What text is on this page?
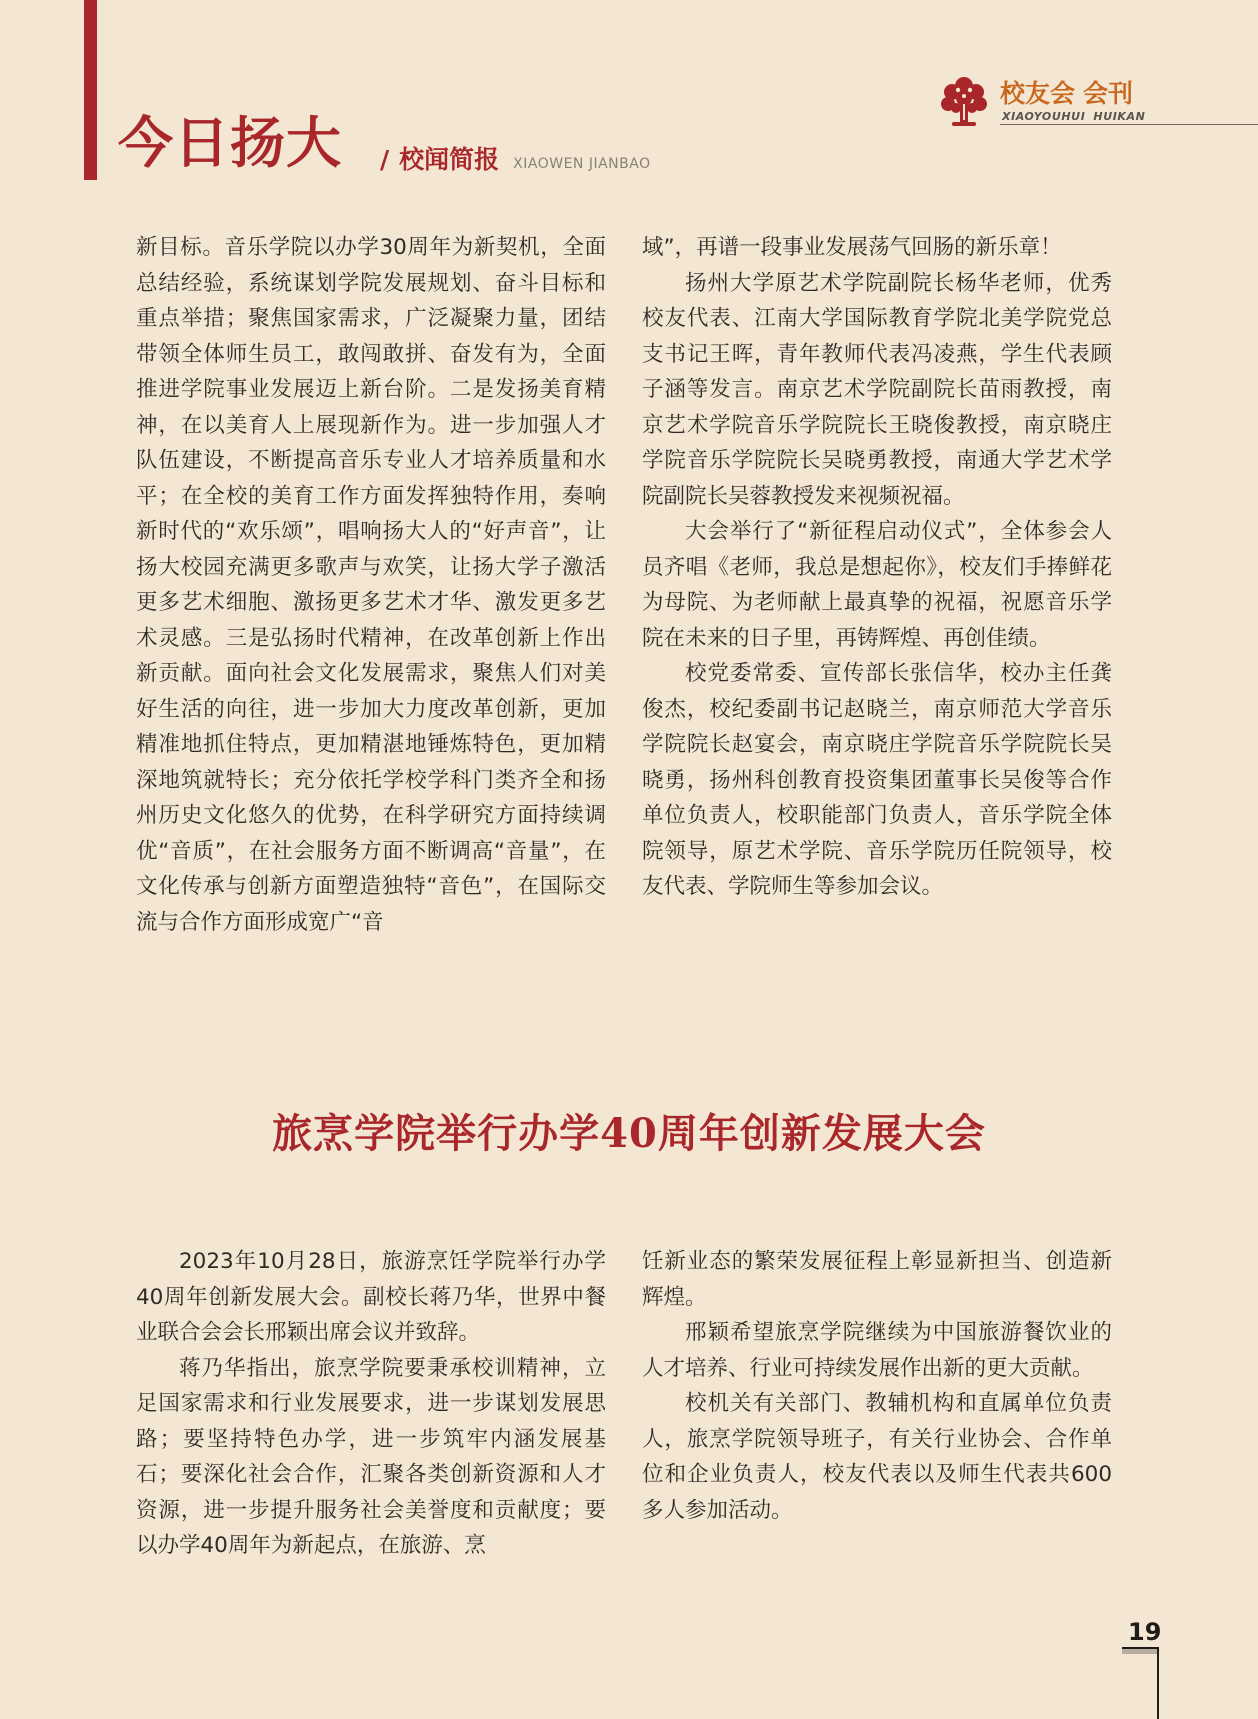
今日扬大 / 校闻简报 XIAOWEN JIANBAO
校友会 会刊
XIAOYOUHUI HUIKAN

新目标。音乐学院以办学30周年为新契机，全面总结经验，系统谋划学院发展规划、奋斗目标和重点举措；聚焦国家需求，广泛凝聚力量，团结带领全体师生员工，敢闯敢拼、奋发有为，全面推进学院事业发展迈上新台阶。二是发扬美育精神，在以美育人上展现新作为。进一步加强人才队伍建设，不断提高音乐专业人才培养质量和水平；在全校的美育工作方面发挥独特作用，奏响新时代的“欢乐颂”，唱响扬大人的“好声音”，让扬大校园充满更多歌声与欢笑，让扬大学子激活更多艺术细胞、激扬更多艺术才华、激发更多艺术灵感。三是弘扬时代精神，在改革创新上作出新贡献。面向社会文化发展需求，聚焦人们对美好生活的向往，进一步加大力度改革创新，更加精准地抓住特点，更加精湛地锤炼特色，更加精深地筑就特长；充分依托学校学科门类齐全和扬州历史文化悠久的优势，在科学研究方面持续调优“音质”，在社会服务方面不断调高“音量”，在文化传承与创新方面塑造独特“音色”，在国际交流与合作方面形成宽广“音

域”，再谱一段事业发展荡气回肠的新乐章！

扬州大学原艺术学院副院长杨华老师，优秀校友代表、江南大学国际教育学院北美学院党总支书记王晖，青年教师代表冯凌燕，学生代表顾子涵等发言。南京艺术学院副院长苗雨教授，南京艺术学院音乐学院院长王晓俊教授，南京晓庄学院音乐学院院长吴晓勇教授，南通大学艺术学院副院长吴蓉教授发来视频祝福。

大会举行了“新征程启动仪式”，全体参会人员齐唱《老师，我总是想起你》，校友们手捧鲜花为母院、为老师献上最真挚的祝福，祝愿音乐学院在未来的日子里，再铸辉煌、再创佳绩。

校党委常委、宣传部长张信华，校办主任龚俊杰，校纪委副书记赵晓兰，南京师范大学音乐学院院长赵宴会，南京晓庄学院音乐学院院长吴晓勇，扬州科创教育投资集团董事长吴俊等合作单位负责人，校职能部门负责人，音乐学院全体院领导，原艺术学院、音乐学院历任院领导，校友代表、学院师生等参加会议。

旅烹学院举行办学40周年创新发展大会

2023年10月28日，旅游烹饪学院举行办学40周年创新发展大会。副校长蒋乃华，世界中餐业联合会会长邢颖出席会议并致辞。

蒋乃华指出，旅烹学院要秉承校训精神，立足国家需求和行业发展要求，进一步谋划发展思路；要坚持特色办学，进一步筑牢内涵发展基石；要深化社会合作，汇聚各类创新资源和人才资源，进一步提升服务社会美誉度和贡献度；要以办学40周年为新起点，在旅游、烹

饪新业态的繁荣发展征程上彰显新担当、创造新辉煌。

邢颖希望旅烹学院继续为中国旅游餐饮业的人才培养、行业可持续发展作出新的更大贡献。

校机关有关部门、教辅机构和直属单位负责人，旅烹学院领导班子，有关行业协会、合作单位和企业负责人，校友代表以及师生代表共600多人参加活动。

19
